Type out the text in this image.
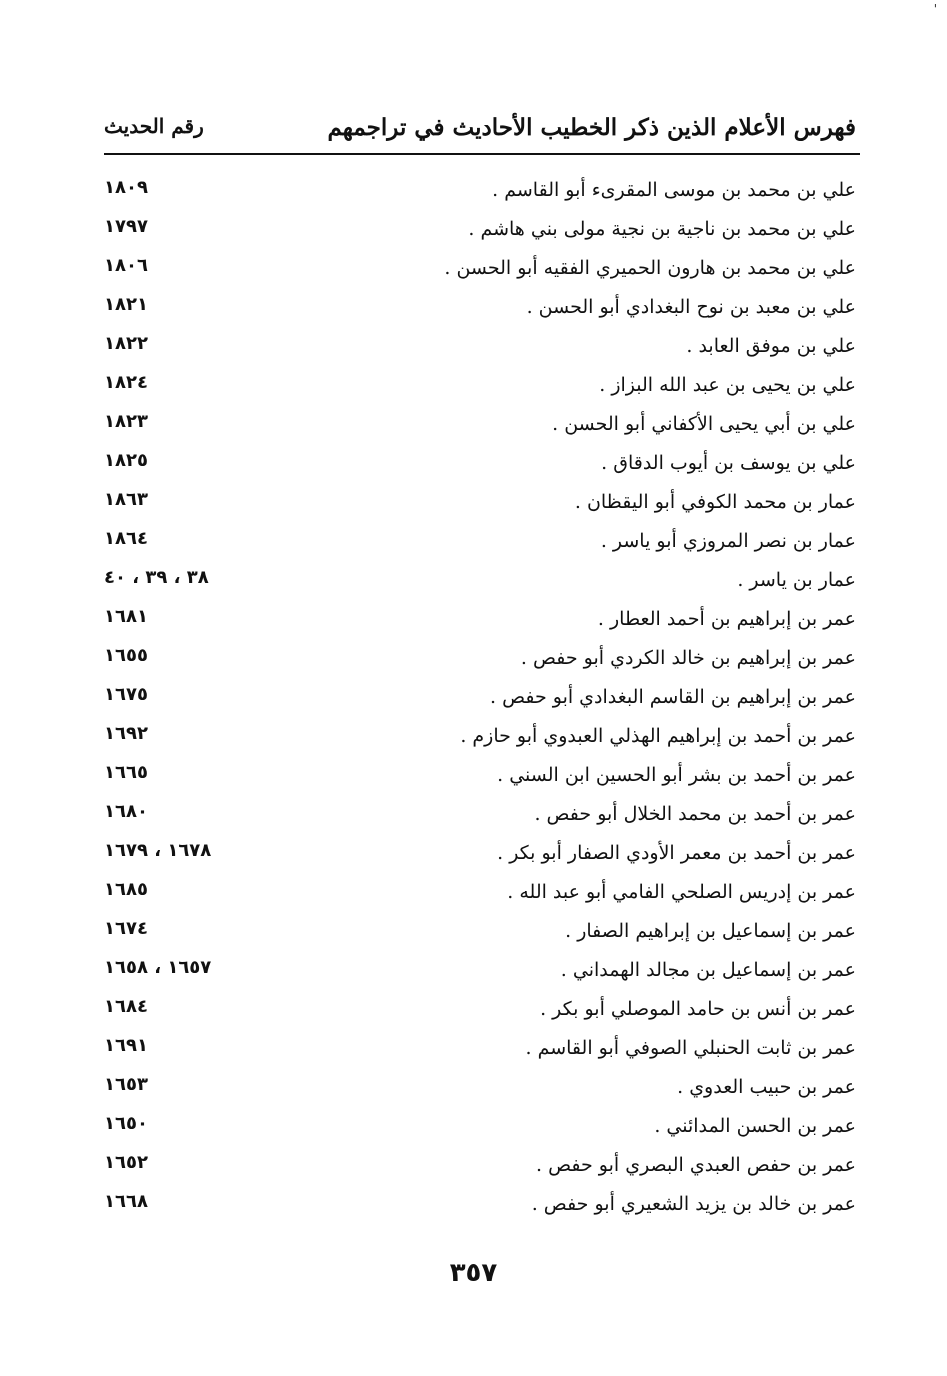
'
فهرس الأعلام الذين ذكر الخطيب الأحاديث في تراجمهم
رقم الحديث
علي بن محمد بن موسى المقرىء أبو القاسم .
١٨٠٩
علي بن محمد بن ناجية بن نجية مولى بني هاشم .
١٧٩٧
علي بن محمد بن هارون الحميري الفقيه أبو الحسن .
١٨٠٦
علي بن معبد بن نوح البغدادي أبو الحسن .
١٨٢١
علي بن موفق العابد .
١٨٢٢
علي بن يحيى بن عبد الله البزاز .
١٨٢٤
علي بن أبي يحيى الأكفاني أبو الحسن .
١٨٢٣
علي بن يوسف بن أيوب الدقاق .
١٨٢٥
عمار بن محمد الكوفي أبو اليقظان .
١٨٦٣
عمار بن نصر المروزي أبو ياسر .
١٨٦٤
عمار بن ياسر .
٣٨ ، ٣٩ ، ٤٠
عمر بن إبراهيم بن أحمد العطار .
١٦٨١
عمر بن إبراهيم بن خالد الكردي أبو حفص .
١٦٥٥
عمر بن إبراهيم بن القاسم البغدادي أبو حفص .
١٦٧٥
عمر بن أحمد بن إبراهيم الهذلي العبدوي أبو حازم .
١٦٩٢
عمر بن أحمد بن بشر أبو الحسين ابن السني .
١٦٦٥
عمر بن أحمد بن محمد الخلال أبو حفص .
١٦٨٠
عمر بن أحمد بن معمر الأودي الصفار أبو بكر .
١٦٧٨ ، ١٦٧٩
عمر بن إدريس الصلحي الفامي أبو عبد الله .
١٦٨٥
عمر بن إسماعيل بن إبراهيم الصفار .
١٦٧٤
عمر بن إسماعيل بن مجالد الهمداني .
١٦٥٧ ، ١٦٥٨
عمر بن أنس بن حامد الموصلي أبو بكر .
١٦٨٤
عمر بن ثابت الحنبلي الصوفي أبو القاسم .
١٦٩١
عمر بن حبيب العدوي .
١٦٥٣
عمر بن الحسن المدائني .
١٦٥٠
عمر بن حفص العبدي البصري أبو حفص .
١٦٥٢
عمر بن خالد بن يزيد الشعيري أبو حفص .
١٦٦٨
٣٥٧
